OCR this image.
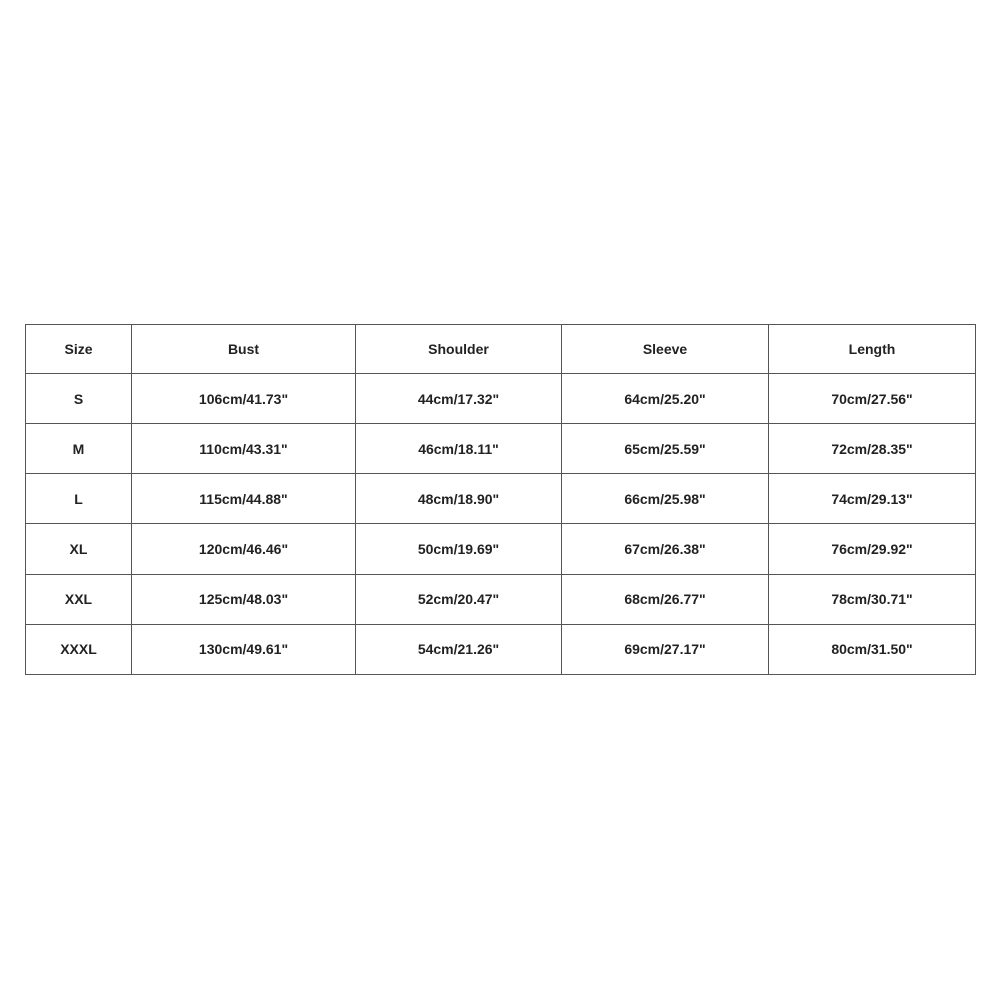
Size	Bust	Shoulder	Sleeve	Length
S	106cm/41.73"	44cm/17.32"	64cm/25.20"	70cm/27.56"
M	110cm/43.31"	46cm/18.11"	65cm/25.59"	72cm/28.35"
L	115cm/44.88"	48cm/18.90"	66cm/25.98"	74cm/29.13"
XL	120cm/46.46"	50cm/19.69"	67cm/26.38"	76cm/29.92"
XXL	125cm/48.03"	52cm/20.47"	68cm/26.77"	78cm/30.71"
XXXL	130cm/49.61"	54cm/21.26"	69cm/27.17"	80cm/31.50"
